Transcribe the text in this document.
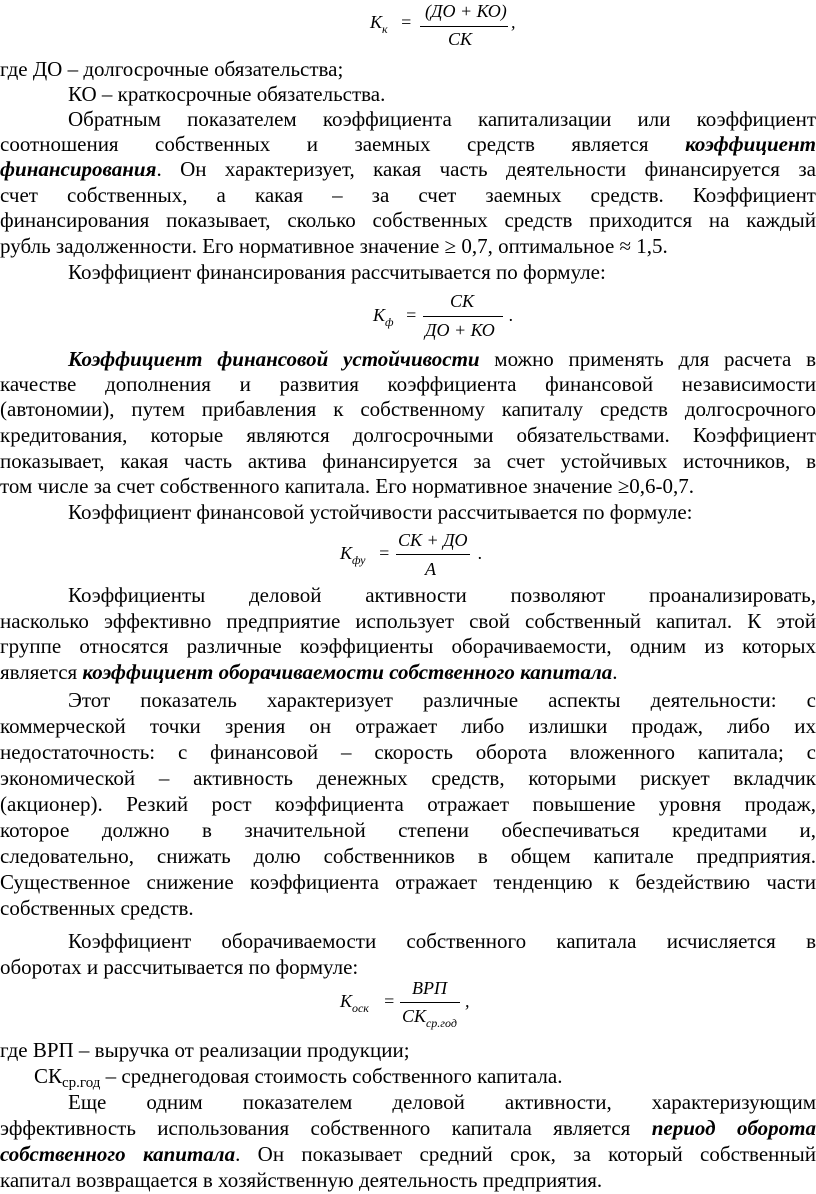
$К_к$ =
(ДО + КО)
СК
,
где ДО – долгосрочные обязательства;
КО – краткосрочные обязательства.
Обратным показателем коэффициента капитализации или коэффициент
соотношения собственных и заемных средств является коэффициент
финансирования. Он характеризует, какая часть деятельности финансируется за
счет собственных, а какая – за счет заемных средств. Коэффициент
финансирования показывает, сколько собственных средств приходится на каждый
рубль задолженности. Его нормативное значение ≥ 0,7, оптимальное ≈ 1,5.
Коэффициент финансирования рассчитывается по формуле:
$К_ф$ =
СК
ДО + КО
.
Коэффициент финансовой устойчивости можно применять для расчета в
качестве дополнения и развития коэффициента финансовой независимости
(автономии), путем прибавления к собственному капиталу средств долгосрочного
кредитования, которые являются долгосрочными обязательствами. Коэффициент
показывает, какая часть актива финансируется за счет устойчивых источников, в
том числе за счет собственного капитала. Его нормативное значение ≥0,6-0,7.
Коэффициент финансовой устойчивости рассчитывается по формуле:
$К_{фу}$ =
СК + ДО
А
.
Коэффициенты деловой активности позволяют проанализировать,
насколько эффективно предприятие использует свой собственный капитал. К этой
группе относятся различные коэффициенты оборачиваемости, одним из которых
является коэффициент оборачиваемости собственного капитала.
Этот показатель характеризует различные аспекты деятельности: с
коммерческой точки зрения он отражает либо излишки продаж, либо их
недостаточность: с финансовой – скорость оборота вложенного капитала; с
экономической – активность денежных средств, которыми рискует вкладчик
(акционер). Резкий рост коэффициента отражает повышение уровня продаж,
которое должно в значительной степени обеспечиваться кредитами и,
следовательно, снижать долю собственников в общем капитале предприятия.
Существенное снижение коэффициента отражает тенденцию к бездействию части
собственных средств.
Коэффициент оборачиваемости собственного капитала исчисляется в
оборотах и рассчитывается по формуле:
$К_{оск}$ =
ВРП
$СК_{ср.год}$
,
где ВРП – выручка от реализации продукции;
$СК_{ср.год}$ – среднегодовая стоимость собственного капитала.
Еще одним показателем деловой активности, характеризующим
эффективность использования собственного капитала является период оборота
собственного капитала. Он показывает средний срок, за который собственный
капитал возвращается в хозяйственную деятельность предприятия.
